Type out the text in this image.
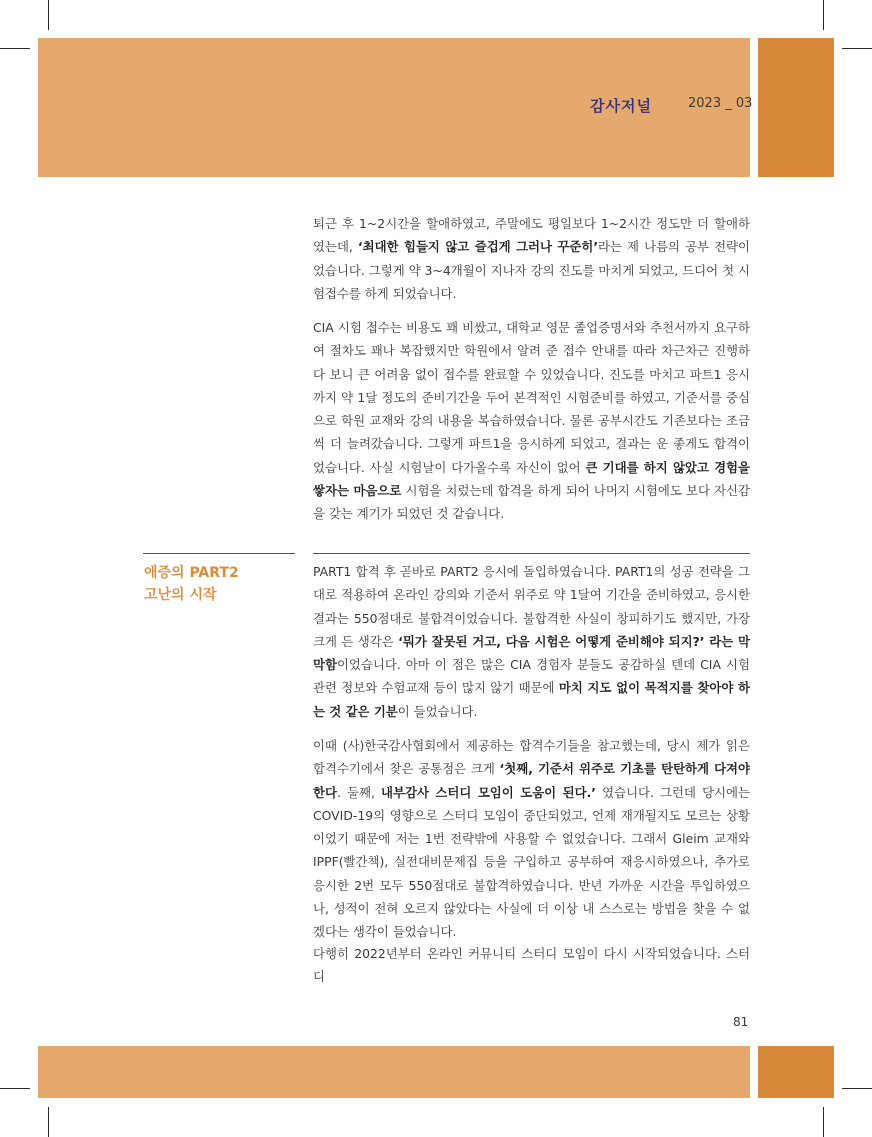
감사저널	2023 _ 03

퇴근 후 1~2시간을 할애하였고, 주말에도 평일보다 1~2시간 정도만 더 할애하였는데, ‘최대한 힘들지 않고 즐겁게 그러나 꾸준히’라는 제 나름의 공부 전략이었습니다. 그렇게 약 3~4개월이 지나자 강의 진도를 마치게 되었고, 드디어 첫 시험접수를 하게 되었습니다.

CIA 시험 접수는 비용도 꽤 비쌌고, 대학교 영문 졸업증명서와 추천서까지 요구하여 절차도 꽤나 복잡했지만 학원에서 알려 준 접수 안내를 따라 차근차근 진행하다 보니 큰 어려움 없이 접수를 완료할 수 있었습니다. 진도를 마치고 파트1 응시까지 약 1달 정도의 준비기간을 두어 본격적인 시험준비를 하였고, 기준서를 중심으로 학원 교재와 강의 내용을 복습하였습니다. 물론 공부시간도 기존보다는 조금씩 더 늘려갔습니다. 그렇게 파트1을 응시하게 되었고, 결과는 운 좋게도 합격이었습니다. 사실 시험날이 다가올수록 자신이 없어 큰 기대를 하지 않았고 경험을 쌓자는 마음으로 시험을 치렀는데 합격을 하게 되어 나머지 시험에도 보다 자신감을 갖는 계기가 되었던 것 같습니다.

애증의 PART2
고난의 시작

PART1 합격 후 곧바로 PART2 응시에 돌입하였습니다. PART1의 성공 전략을 그대로 적용하여 온라인 강의와 기준서 위주로 약 1달여 기간을 준비하였고, 응시한 결과는 550점대로 불합격이었습니다. 불합격한 사실이 창피하기도 했지만, 가장 크게 든 생각은 ‘뭐가 잘못된 거고, 다음 시험은 어떻게 준비해야 되지?’ 라는 막막함이었습니다. 아마 이 점은 많은 CIA 경험자 분들도 공감하실 텐데 CIA 시험 관련 정보와 수험교재 등이 많지 않기 때문에 마치 지도 없이 목적지를 찾아야 하는 것 같은 기분이 들었습니다.

이때 (사)한국감사협회에서 제공하는 합격수기들을 참고했는데, 당시 제가 읽은 합격수기에서 찾은 공통점은 크게 ‘첫째, 기준서 위주로 기초를 탄탄하게 다져야 한다. 둘째, 내부감사 스터디 모임이 도움이 된다.’ 였습니다. 그런데 당시에는 COVID-19의 영향으로 스터디 모임이 중단되었고, 언제 재개될지도 모르는 상황이었기 때문에 저는 1번 전략밖에 사용할 수 없었습니다. 그래서 Gleim 교재와 IPPF(빨간책), 실전대비문제집 등을 구입하고 공부하여 재응시하였으나, 추가로 응시한 2번 모두 550점대로 불합격하였습니다. 반년 가까운 시간을 투입하였으나, 성적이 전혀 오르지 않았다는 사실에 더 이상 내 스스로는 방법을 찾을 수 없겠다는 생각이 들었습니다.

다행히 2022년부터 온라인 커뮤니티 스터디 모임이 다시 시작되었습니다. 스터디

81
